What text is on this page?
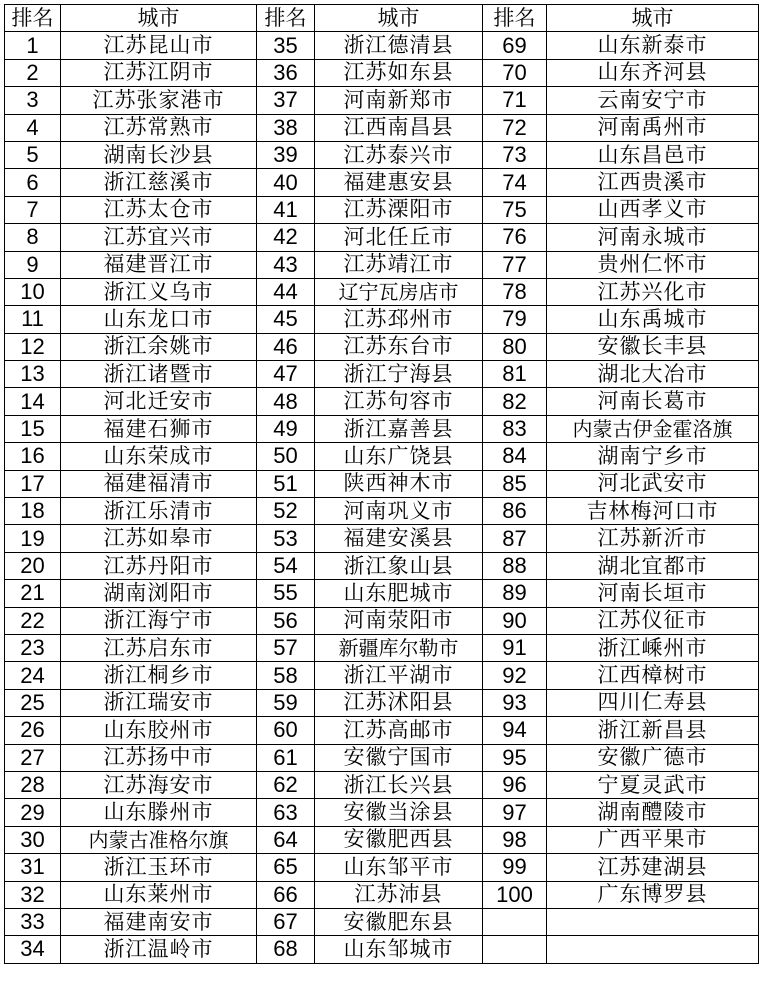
排名	城市	排名	城市	排名	城市
1	江苏昆山市	35	浙江德清县	69	山东新泰市
2	江苏江阴市	36	江苏如东县	70	山东齐河县
3	江苏张家港市	37	河南新郑市	71	云南安宁市
4	江苏常熟市	38	江西南昌县	72	河南禹州市
5	湖南长沙县	39	江苏泰兴市	73	山东昌邑市
6	浙江慈溪市	40	福建惠安县	74	江西贵溪市
7	江苏太仓市	41	江苏溧阳市	75	山西孝义市
8	江苏宜兴市	42	河北任丘市	76	河南永城市
9	福建晋江市	43	江苏靖江市	77	贵州仁怀市
10	浙江义乌市	44	辽宁瓦房店市	78	江苏兴化市
11	山东龙口市	45	江苏邳州市	79	山东禹城市
12	浙江余姚市	46	江苏东台市	80	安徽长丰县
13	浙江诸暨市	47	浙江宁海县	81	湖北大冶市
14	河北迁安市	48	江苏句容市	82	河南长葛市
15	福建石狮市	49	浙江嘉善县	83	内蒙古伊金霍洛旗
16	山东荣成市	50	山东广饶县	84	湖南宁乡市
17	福建福清市	51	陕西神木市	85	河北武安市
18	浙江乐清市	52	河南巩义市	86	吉林梅河口市
19	江苏如皋市	53	福建安溪县	87	江苏新沂市
20	江苏丹阳市	54	浙江象山县	88	湖北宜都市
21	湖南浏阳市	55	山东肥城市	89	河南长垣市
22	浙江海宁市	56	河南荥阳市	90	江苏仪征市
23	江苏启东市	57	新疆库尔勒市	91	浙江嵊州市
24	浙江桐乡市	58	浙江平湖市	92	江西樟树市
25	浙江瑞安市	59	江苏沭阳县	93	四川仁寿县
26	山东胶州市	60	江苏高邮市	94	浙江新昌县
27	江苏扬中市	61	安徽宁国市	95	安徽广德市
28	江苏海安市	62	浙江长兴县	96	宁夏灵武市
29	山东滕州市	63	安徽当涂县	97	湖南醴陵市
30	内蒙古准格尔旗	64	安徽肥西县	98	广西平果市
31	浙江玉环市	65	山东邹平市	99	江苏建湖县
32	山东莱州市	66	江苏沛县	100	广东博罗县
33	福建南安市	67	安徽肥东县		
34	浙江温岭市	68	山东邹城市		
